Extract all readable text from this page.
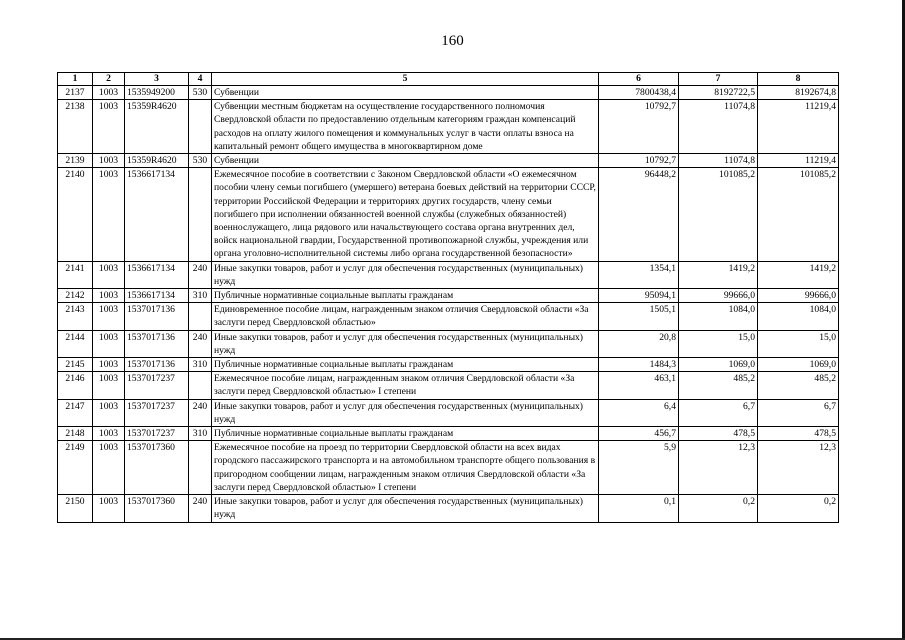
160
1	2	3	4	5	6	7	8
2137	1003	1535949200	530	Субвенции	7800438,4	8192722,5	8192674,8
2138	1003	15359R4620		Субвенции местным бюджетам на осуществление государственного полномочия Свердловской области по предоставлению отдельным категориям граждан компенсаций расходов на оплату жилого помещения и коммунальных услуг в части оплаты взноса на капитальный ремонт общего имущества в многоквартирном доме	10792,7	11074,8	11219,4
2139	1003	15359R4620	530	Субвенции	10792,7	11074,8	11219,4
2140	1003	1536617134		Ежемесячное пособие в соответствии с Законом Свердловской области «О ежемесячном пособии члену семьи погибшего (умершего) ветерана боевых действий на территории СССР, территории Российской Федерации и территориях других государств, члену семьи погибшего при исполнении обязанностей военной службы (служебных обязанностей) военнослужащего, лица рядового или начальствующего состава органа внутренних дел, войск национальной гвардии, Государственной противопожарной службы, учреждения или органа уголовно-исполнительной системы либо органа государственной безопасности»	96448,2	101085,2	101085,2
2141	1003	1536617134	240	Иные закупки товаров, работ и услуг для обеспечения государственных (муниципальных) нужд	1354,1	1419,2	1419,2
2142	1003	1536617134	310	Публичные нормативные социальные выплаты гражданам	95094,1	99666,0	99666,0
2143	1003	1537017136		Единовременное пособие лицам, награжденным знаком отличия Свердловской области «За заслуги перед Свердловской областью»	1505,1	1084,0	1084,0
2144	1003	1537017136	240	Иные закупки товаров, работ и услуг для обеспечения государственных (муниципальных) нужд	20,8	15,0	15,0
2145	1003	1537017136	310	Публичные нормативные социальные выплаты гражданам	1484,3	1069,0	1069,0
2146	1003	1537017237		Ежемесячное пособие лицам, награжденным знаком отличия Свердловской области «За заслуги перед Свердловской областью» I степени	463,1	485,2	485,2
2147	1003	1537017237	240	Иные закупки товаров, работ и услуг для обеспечения государственных (муниципальных) нужд	6,4	6,7	6,7
2148	1003	1537017237	310	Публичные нормативные социальные выплаты гражданам	456,7	478,5	478,5
2149	1003	1537017360		Ежемесячное пособие на проезд по территории Свердловской области на всех видах городского пассажирского транспорта и на автомобильном транспорте общего пользования в пригородном сообщении лицам, награжденным знаком отличия Свердловской области «За заслуги перед Свердловской областью» I степени	5,9	12,3	12,3
2150	1003	1537017360	240	Иные закупки товаров, работ и услуг для обеспечения государственных (муниципальных) нужд	0,1	0,2	0,2
